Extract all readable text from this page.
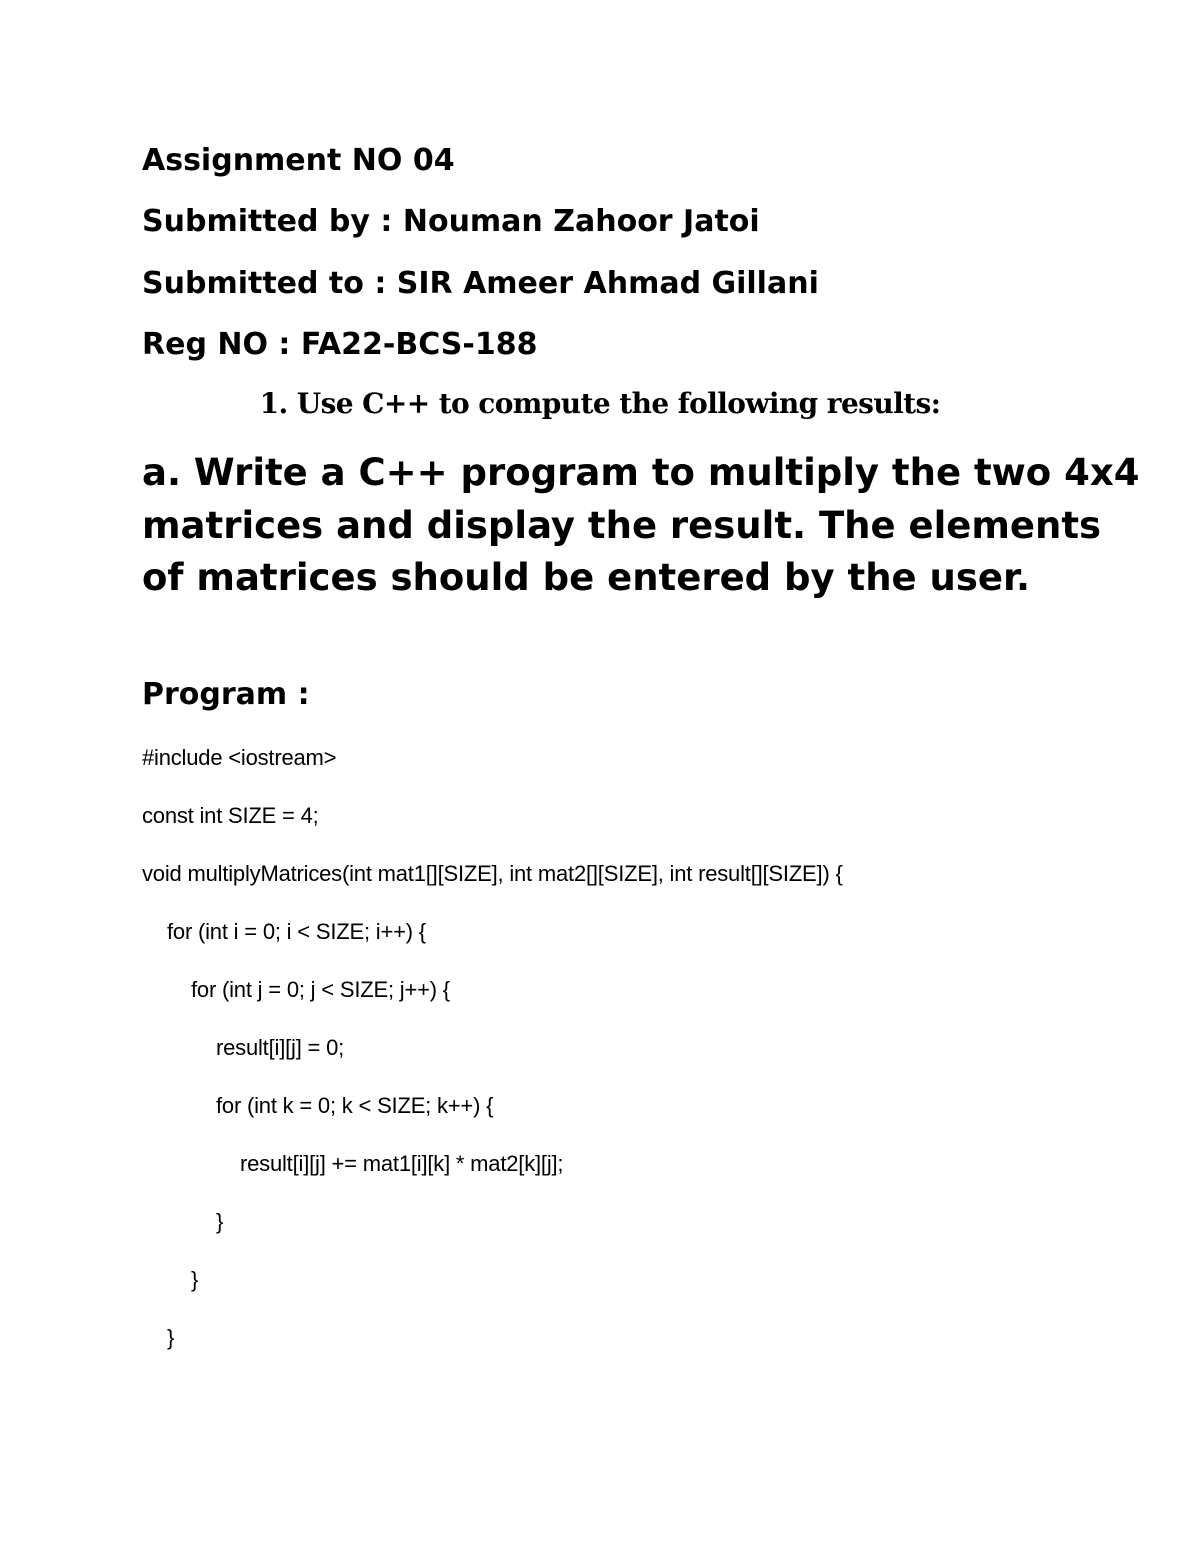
Assignment NO 04
Submitted by : Nouman Zahoor Jatoi
Submitted to : SIR Ameer Ahmad Gillani
Reg NO : FA22-BCS-188
1. Use C++ to compute the following results:

a. Write a C++ program to multiply the two 4x4 matrices and display the result. The elements of matrices should be entered by the user.

Program :
#include <iostream>
const int SIZE = 4;
void multiplyMatrices(int mat1[][SIZE], int mat2[][SIZE], int result[][SIZE]) {
for (int i = 0; i < SIZE; i++) {
for (int j = 0; j < SIZE; j++) {
result[i][j] = 0;
for (int k = 0; k < SIZE; k++) {
result[i][j] += mat1[i][k] * mat2[k][j];
}
}
}
